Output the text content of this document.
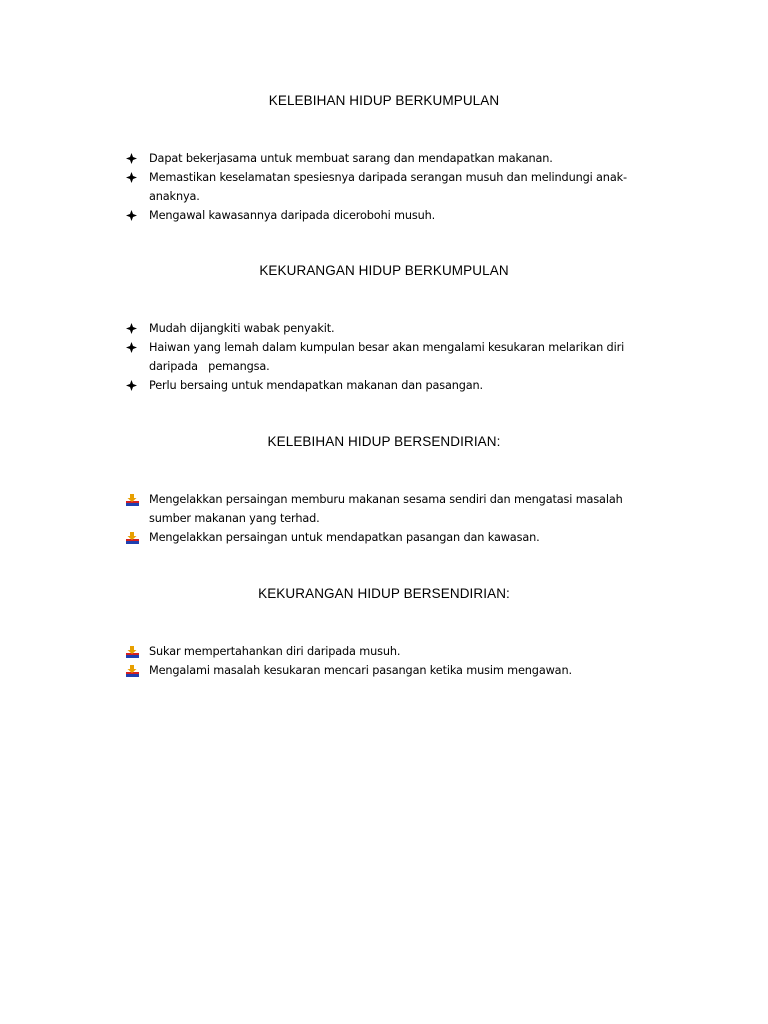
KELEBIHAN HIDUP BERKUMPULAN
Dapat bekerjasama untuk membuat sarang dan mendapatkan makanan.
Memastikan keselamatan spesiesnya daripada serangan musuh dan melindungi anak-anaknya.
Mengawal kawasannya daripada dicerobohi musuh.
KEKURANGAN HIDUP BERKUMPULAN
Mudah dijangkiti wabak penyakit.
Haiwan yang lemah dalam kumpulan besar akan mengalami kesukaran melarikan diri daripada   pemangsa.
Perlu bersaing untuk mendapatkan makanan dan pasangan.
KELEBIHAN HIDUP BERSENDIRIAN:
Mengelakkan persaingan memburu makanan sesama sendiri dan mengatasi masalah sumber makanan yang terhad.
Mengelakkan persaingan untuk mendapatkan pasangan dan kawasan.
KEKURANGAN HIDUP BERSENDIRIAN:
Sukar mempertahankan diri daripada musuh.
Mengalami masalah kesukaran mencari pasangan ketika musim mengawan.
